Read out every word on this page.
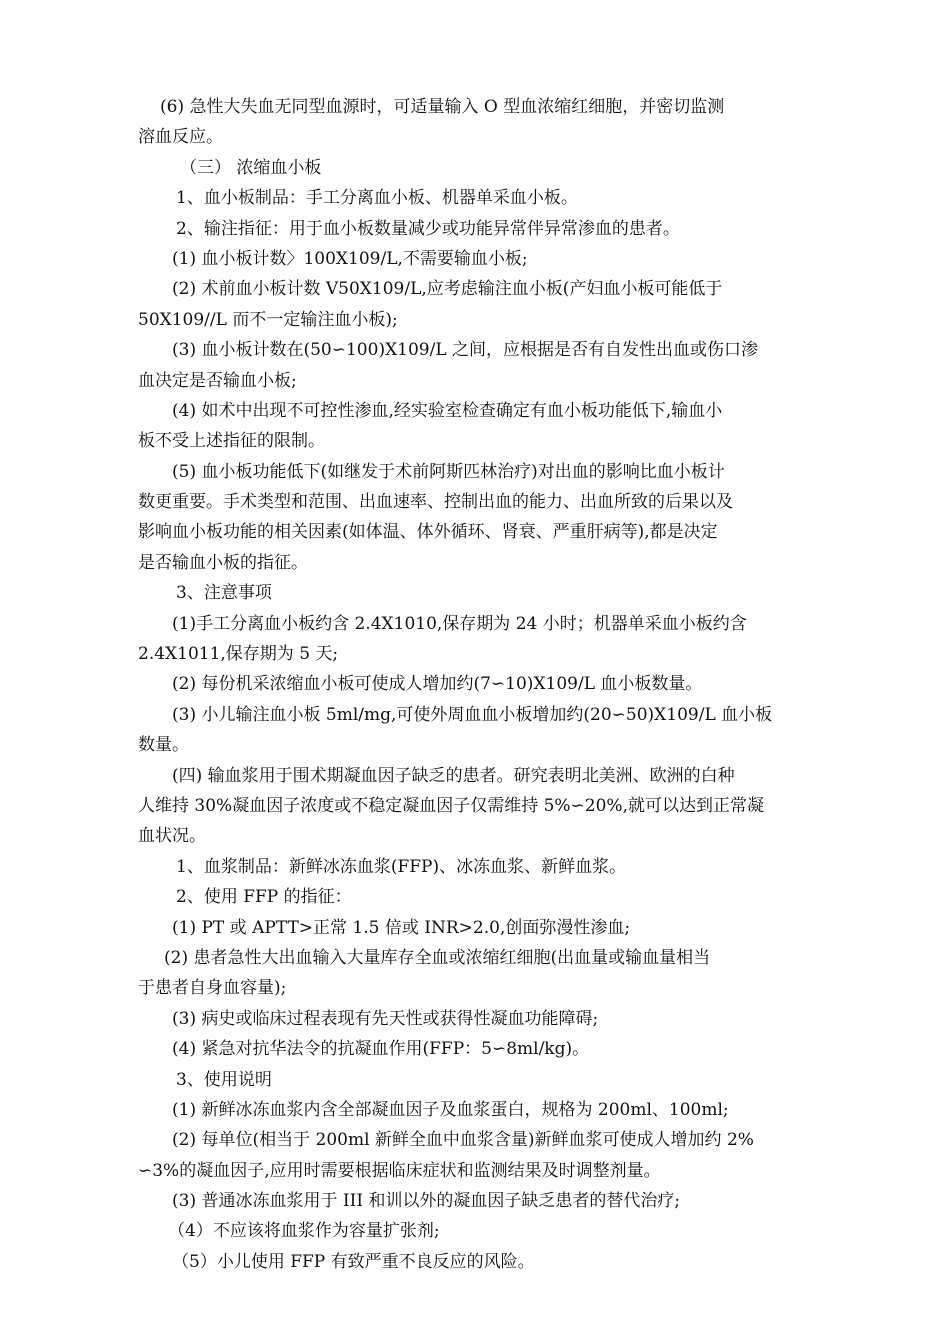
(6) 急性大失血无同型血源时，可适量输入 O 型血浓缩红细胞，并密切监测
溶血反应。
（三） 浓缩血小板
1、血小板制品：手工分离血小板、机器单采血小板。
2、输注指征：用于血小板数量减少或功能异常伴异常渗血的患者。
(1) 血小板计数〉100X109/L,不需要输血小板;
(2) 术前血小板计数 V50X109/L,应考虑输注血小板(产妇血小板可能低于
50X109//L 而不一定输注血小板);
(3) 血小板计数在(50∽100)X109/L 之间，应根据是否有自发性出血或伤口渗
血决定是否输血小板;
(4) 如术中出现不可控性渗血,经实验室检查确定有血小板功能低下,输血小
板不受上述指征的限制。
(5) 血小板功能低下(如继发于术前阿斯匹林治疗)对出血的影响比血小板计
数更重要。手术类型和范围、出血速率、控制出血的能力、出血所致的后果以及
影响血小板功能的相关因素(如体温、体外循环、肾衰、严重肝病等),都是决定
是否输血小板的指征。
3、注意事项
(1)手工分离血小板约含 2.4X1010,保存期为 24 小时；机器单采血小板约含
2.4X1011,保存期为 5 天;
(2) 每份机采浓缩血小板可使成人增加约(7∽10)X109/L 血小板数量。
(3) 小儿输注血小板 5ml/mg,可使外周血血小板增加约(20∽50)X109/L 血小板
数量。
(四) 输血浆用于围术期凝血因子缺乏的患者。研究表明北美洲、欧洲的白种
人维持 30%凝血因子浓度或不稳定凝血因子仅需维持 5%∽20%,就可以达到正常凝
血状况。
1、血浆制品：新鲜冰冻血浆(FFP)、冰冻血浆、新鲜血浆。
2、使用 FFP 的指征：
(1) PT 或 APTT>正常 1.5 倍或 INR>2.0,创面弥漫性渗血;
(2) 患者急性大出血输入大量库存全血或浓缩红细胞(出血量或输血量相当
于患者自身血容量);
(3) 病史或临床过程表现有先天性或获得性凝血功能障碍;
(4) 紧急对抗华法令的抗凝血作用(FFP：5∽8ml/kg)。
3、使用说明
(1) 新鲜冰冻血浆内含全部凝血因子及血浆蛋白，规格为 200ml、100ml;
(2) 每单位(相当于 200ml 新鲜全血中血浆含量)新鲜血浆可使成人增加约 2%
∽3%的凝血因子,应用时需要根据临床症状和监测结果及时调整剂量。
(3) 普通冰冻血浆用于 III 和训以外的凝血因子缺乏患者的替代治疗;
（4）不应该将血浆作为容量扩张剂;
（5）小儿使用 FFP 有致严重不良反应的风险。
